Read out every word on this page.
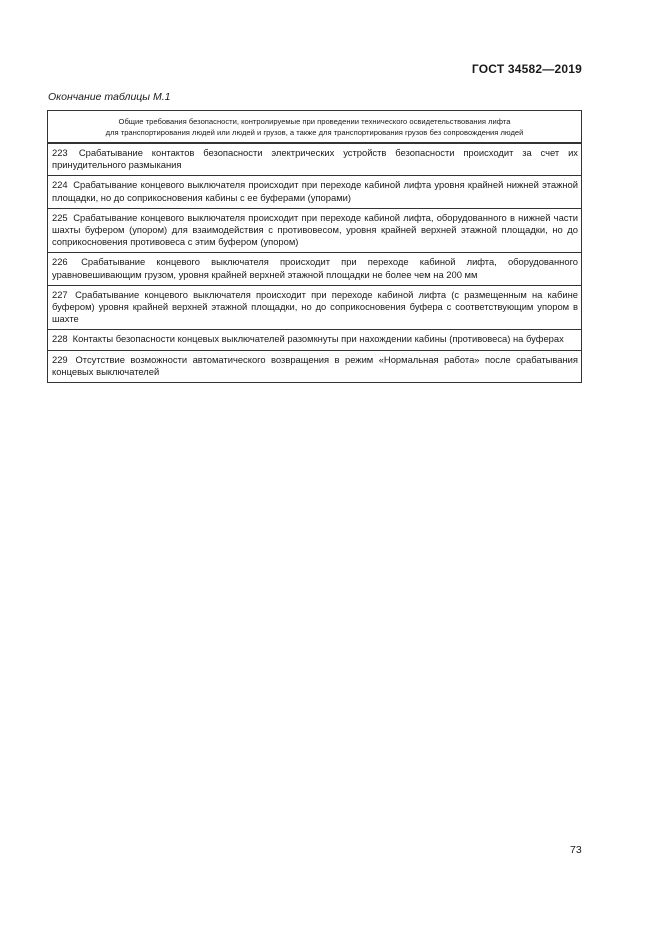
ГОСТ 34582—2019
Окончание таблицы М.1
Общие требования безопасности, контролируемые при проведении технического освидетельствования лифта
для транспортирования людей или людей и грузов, а также для транспортирования грузов без сопровождения людей

223 Срабатывание контактов безопасности электрических устройств безопасности происходит за счет их принудительного размыкания
224 Срабатывание концевого выключателя происходит при переходе кабиной лифта уровня крайней нижней этажной площадки, но до соприкосновения кабины с ее буферами (упорами)
225 Срабатывание концевого выключателя происходит при переходе кабиной лифта, оборудованного в нижней части шахты буфером (упором) для взаимодействия с противовесом, уровня крайней верхней этажной площадки, но до соприкосновения противовеса с этим буфером (упором)
226 Срабатывание концевого выключателя происходит при переходе кабиной лифта, оборудованного уравновешивающим грузом, уровня крайней верхней этажной площадки не более чем на 200 мм
227 Срабатывание концевого выключателя происходит при переходе кабиной лифта (с размещенным на кабине буфером) уровня крайней верхней этажной площадки, но до соприкосновения буфера с соответствующим упором в шахте
228 Контакты безопасности концевых выключателей разомкнуты при нахождении кабины (противовеса) на буферах
229 Отсутствие возможности автоматического возвращения в режим «Нормальная работа» после срабатывания концевых выключателей
73
